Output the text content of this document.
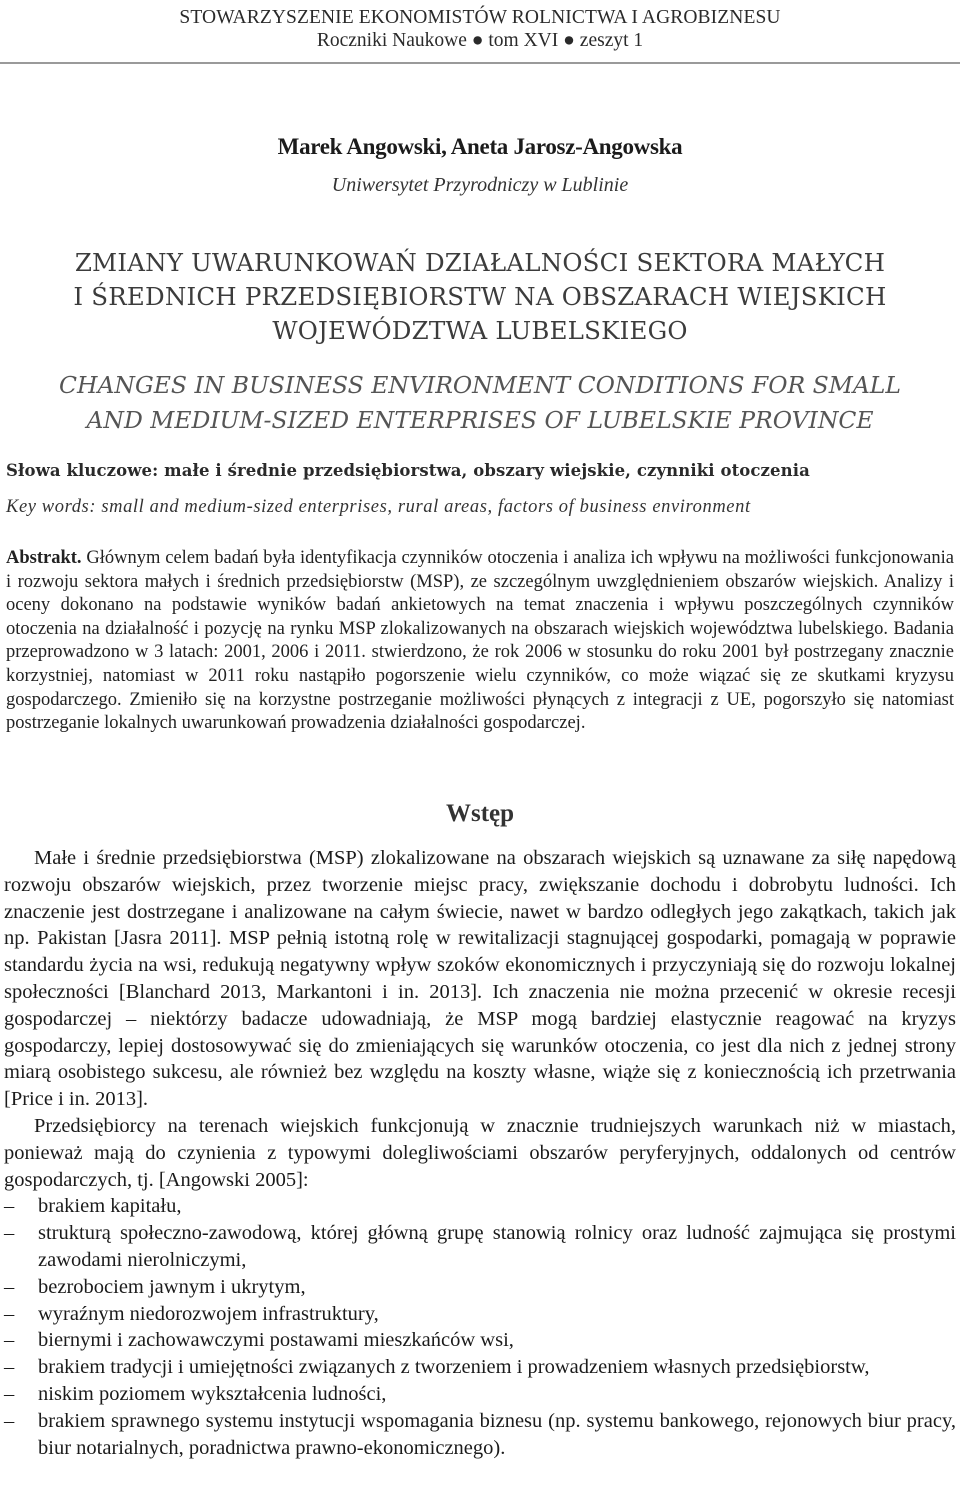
STOWARZYSZENIE EKONOMISTÓW ROLNICTWA I AGROBIZNESU
Roczniki Naukowe ● tom XVI ● zeszyt 1
Marek Angowski, Aneta Jarosz-Angowska
Uniwersytet Przyrodniczy w Lublinie
ZMIANY UWARUNKOWAŃ DZIAŁALNOŚCI SEKTORA MAŁYCH
I ŚREDNICH PRZEDSIĘBIORSTW NA OBSZARACH WIEJSKICH
WOJEWÓDZTWA LUBELSKIEGO
CHANGES IN BUSINESS ENVIRONMENT CONDITIONS FOR SMALL
AND MEDIUM-SIZED ENTERPRISES OF LUBELSKIE PROVINCE
Słowa kluczowe: małe i średnie przedsiębiorstwa, obszary wiejskie, czynniki otoczenia
Key words: small and medium-sized enterprises, rural areas, factors of business environment
Abstrakt. Głównym celem badań była identyfikacja czynników otoczenia i analiza ich wpływu na możliwości funkcjonowania i rozwoju sektora małych i średnich przedsiębiorstw (MSP), ze szczególnym uwzględnieniem obszarów wiejskich. Analizy i oceny dokonano na podstawie wyników badań ankietowych na temat znaczenia i wpływu poszczególnych czynników otoczenia na działalność i pozycję na rynku MSP zlokalizowanych na obszarach wiejskich województwa lubelskiego. Badania przeprowadzono w 3 latach: 2001, 2006 i 2011. stwierdzono, że rok 2006 w stosunku do roku 2001 był postrzegany znacznie korzystniej, natomiast w 2011 roku nastąpiło pogorszenie wielu czynników, co może wiązać się ze skutkami kryzysu gospodarczego. Zmieniło się na korzystne postrzeganie możliwości płynących z integracji z UE, pogorszyło się natomiast postrzeganie lokalnych uwarunkowań prowadzenia działalności gospodarczej.
Wstęp

Małe i średnie przedsiębiorstwa (MSP) zlokalizowane na obszarach wiejskich są uznawane za siłę napędową rozwoju obszarów wiejskich, przez tworzenie miejsc pracy, zwiększanie dochodu i dobrobytu ludności. Ich znaczenie jest dostrzegane i analizowane na całym świecie, nawet w bardzo odległych jego zakątkach, takich jak np. Pakistan [Jasra 2011]. MSP pełnią istotną rolę w rewitalizacji stagnującej gospodarki, pomagają w poprawie standardu życia na wsi, redukują negatywny wpływ szoków ekonomicznych i przyczyniają się do rozwoju lokalnej społeczności [Blanchard 2013, Markantoni i in. 2013]. Ich znaczenia nie można przecenić w okresie recesji gospodarczej – niektórzy badacze udowadniają, że MSP mogą bardziej elastycznie reagować na kryzys gospodarczy, lepiej dostosowywać się do zmieniających się warunków otoczenia, co jest dla nich z jednej strony miarą osobistego sukcesu, ale również bez względu na koszty własne, wiąże się z koniecznością ich przetrwania [Price i in. 2013].

Przedsiębiorcy na terenach wiejskich funkcjonują w znacznie trudniejszych warunkach niż w miastach, ponieważ mają do czynienia z typowymi dolegliwościami obszarów peryferyjnych, oddalonych od centrów gospodarczych, tj. [Angowski 2005]:

– brakiem kapitału,
– strukturą społeczno-zawodową, której główną grupę stanowią rolnicy oraz ludność zajmująca się prostymi zawodami nierolniczymi,
– bezrobociem jawnym i ukrytym,
– wyraźnym niedorozwojem infrastruktury,
– biernymi i zachowawczymi postawami mieszkańców wsi,
– brakiem tradycji i umiejętności związanych z tworzeniem i prowadzeniem własnych przedsiębiorstw,
– niskim poziomem wykształcenia ludności,
– brakiem sprawnego systemu instytucji wspomagania biznesu (np. systemu bankowego, rejonowych biur pracy, biur notarialnych, poradnictwa prawno-ekonomicznego).
